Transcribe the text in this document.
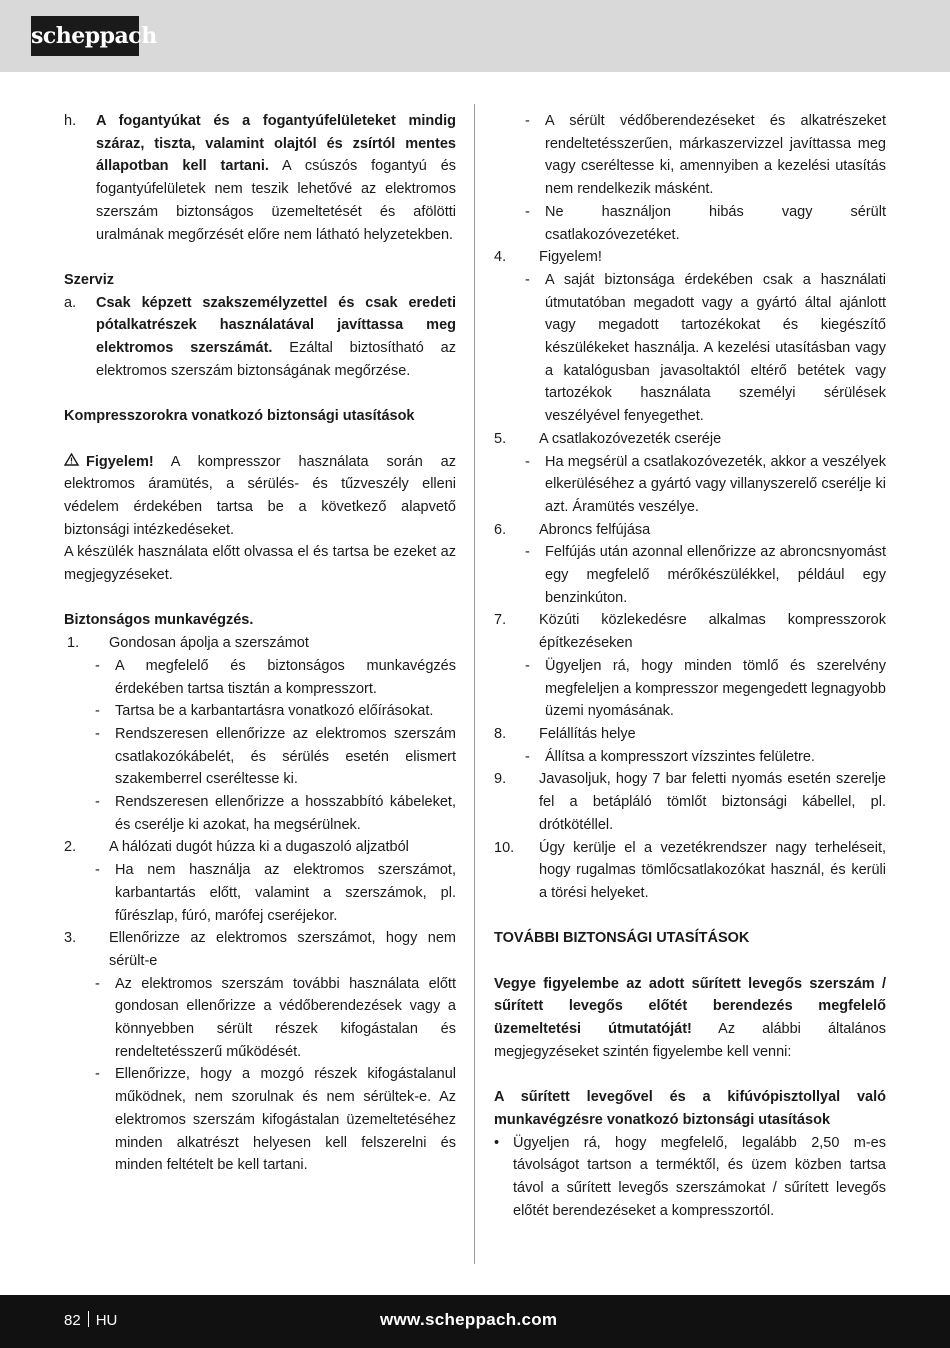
scheppach
h.	A fogantyúkat és a fogantyúfelületeket mindig száraz, tiszta, valamint olajtól és zsírtól mentes állapotban kell tartani. A csúszós fogantyú és fogantyúfelületek nem teszik lehetővé az elektromos szerszám biztonságos üzemeltetését és afölötti uralmának megőrzését előre nem látható helyzetekben.
Szerviz
a.	Csak képzett szakszemélyzettel és csak eredeti pótalkatrészek használatával javíttassa meg elektromos szerszámát. Ezáltal biztosítható az elektromos szerszám biztonságának megőrzése.
Kompresszorokra vonatkozó biztonsági utasítások
Figyelem! A kompresszor használata során az elektromos áramütés, a sérülés- és tűzveszély elleni védelem érdekében tartsa be a következő alapvető biztonsági intézkedéseket.
A készülék használata előtt olvassa el és tartsa be ezeket az megjegyzéseket.
Biztonságos munkavégzés.
1.	Gondosan ápolja a szerszámot
-	A megfelelő és biztonságos munkavégzés érdekében tartsa tisztán a kompresszort.
-	Tartsa be a karbantartásra vonatkozó előírásokat.
-	Rendszeresen ellenőrizze az elektromos szerszám csatlakozókábelét, és sérülés esetén elismert szakemberrel cseréltesse ki.
-	Rendszeresen ellenőrizze a hosszabbító kábeleket, és cserélje ki azokat, ha megsérülnek.
2.	A hálózati dugót húzza ki a dugaszoló aljzatból
-	Ha nem használja az elektromos szerszámot, karbantartás előtt, valamint a szerszámok, pl. fűrészlap, fúró, marófej cseréjekor.
3.	Ellenőrizze az elektromos szerszámot, hogy nem sérült-e
-	Az elektromos szerszám további használata előtt gondosan ellenőrizze a védőberendezések vagy a könnyebben sérült részek kifogástalan és rendeltetésszerű működését.
-	Ellenőrizze, hogy a mozgó részek kifogástalanul működnek, nem szorulnak és nem sérültek-e. Az elektromos szerszám kifogástalan üzemeltetéséhez minden alkatrészt helyesen kell felszerelni és minden feltételt be kell tartani.
-	A sérült védőberendezéseket és alkatrészeket rendeltetésszerűen, márkaszervizzel javíttassa meg vagy cseréltesse ki, amennyiben a kezelési utasítás nem rendelkezik másként.
-	Ne használjon hibás vagy sérült csatlakozóvezetéket.
4.	Figyelem!
-	A saját biztonsága érdekében csak a használati útmutatóban megadott vagy a gyártó által ajánlott vagy megadott tartozékokat és kiegészítő készülékeket használja. A kezelési utasításban vagy a katalógusban javasoltaktól eltérő betétek vagy tartozékok használata személyi sérülések veszélyével fenyegethet.
5.	A csatlakozóvezeték cseréje
-	Ha megsérül a csatlakozóvezeték, akkor a veszélyek elkerüléséhez a gyártó vagy villanyszerelő cserélje ki azt. Áramütés veszélye.
6.	Abroncs felfújása
-	Felfújás után azonnal ellenőrizze az abroncsnyomást egy megfelelő mérőkészülékkel, például egy benzinkúton.
7.	Közúti közlekedésre alkalmas kompresszorok építkezéseken
-	Ügyeljen rá, hogy minden tömlő és szerelvény megfeleljen a kompresszor megengedett legnagyobb üzemi nyomásának.
8.	Felállítás helye
-	Állítsa a kompresszort vízszintes felületre.
9.	Javasoljuk, hogy 7 bar feletti nyomás esetén szerelje fel a betápláló tömlőt biztonsági kábellel, pl. drótkötéllel.
10.	Úgy kerülje el a vezetékrendszer nagy terheléseit, hogy rugalmas tömlőcsatlakozókat használ, és kerüli a törési helyeket.
TOVÁBBI BIZTONSÁGI UTASÍTÁSOK
Vegye figyelembe az adott sűrített levegős szerszám / sűrített levegős előtét berendezés megfelelő üzemeltetési útmutatóját! Az alábbi általános megjegyzéseket szintén figyelembe kell venni:
A sűrített levegővel és a kifúvópisztollyal való munkavégzésre vonatkozó biztonsági utasítások
• Ügyeljen rá, hogy megfelelő, legalább 2,50 m-es távolságot tartson a terméktől, és üzem közben tartsa távol a sűrített levegős szerszámokat / sűrített levegős előtét berendezéseket a kompresszortól.
82 HU	www.scheppach.com
